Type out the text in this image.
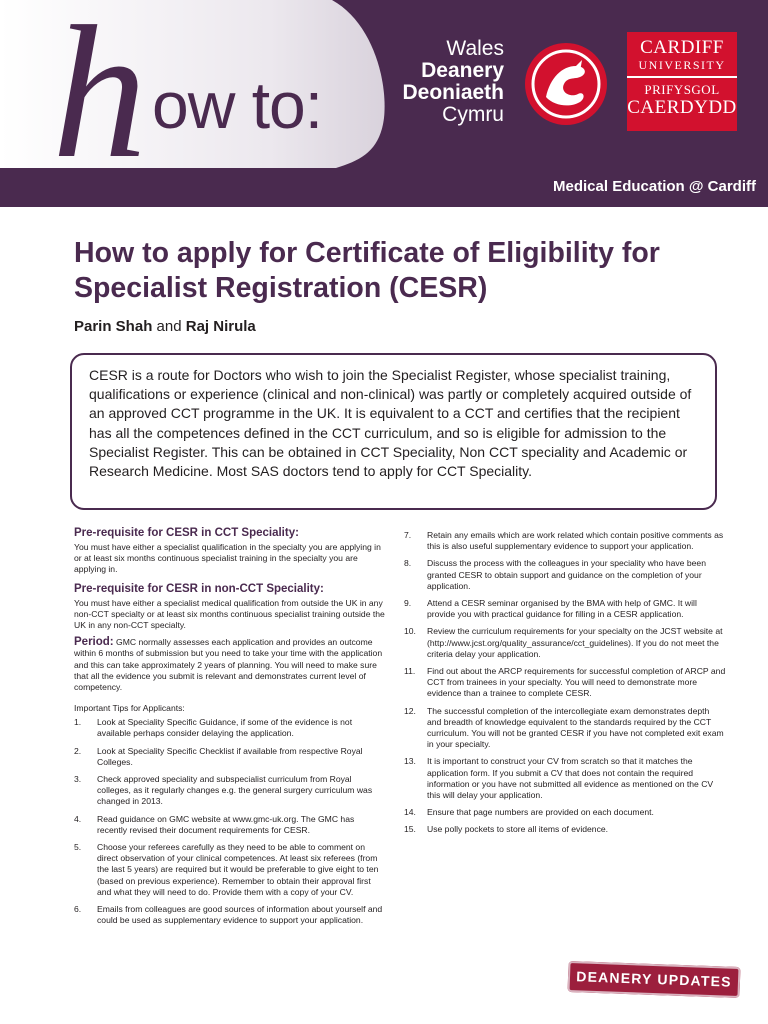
h ow to:
Wales
Deanery
Deoniaeth
Cymru
CARDIFF
UNIVERSITY
PRIFYSGOL
CAERDYDD
Medical Education @ Cardiff
How to apply for Certificate of Eligibility for Specialist Registration (CESR)
Parin Shah and Raj Nirula

CESR is a route for Doctors who wish to join the Specialist Register, whose specialist training, qualifications or experience (clinical and non-clinical) was partly or completely acquired outside of an approved CCT programme in the UK. It is equivalent to a CCT and certifies that the recipient has all the competences defined in the CCT curriculum, and so is eligible for admission to the Specialist Register. This can be obtained in CCT Speciality, Non CCT speciality and Academic or Research Medicine. Most SAS doctors tend to apply for CCT Speciality.

Pre-requisite for CESR in CCT Speciality:
You must have either a specialist qualification in the specialty you are applying in or at least six months continuous specialist training in the specialty you are applying in.
Pre-requisite for CESR in non-CCT Speciality:
You must have either a specialist medical qualification from outside the UK in any non-CCT specialty or at least six months continuous specialist training outside the UK in any non-CCT specialty.
Period: GMC normally assesses each application and provides an outcome within 6 months of submission but you need to take your time with the application and this can take approximately 2 years of planning. You will need to make sure that all the evidence you submit is relevant and demonstrates current level of competency.
Important Tips for Applicants:
1.	Look at Speciality Specific Guidance, if some of the evidence is not available perhaps consider delaying the application.
2.	Look at Speciality Specific Checklist if available from respective Royal Colleges.
3.	Check approved speciality and subspecialist curriculum from Royal colleges, as it regularly changes e.g. the general surgery curriculum was changed in 2013.
4.	Read guidance on GMC website at www.gmc-uk.org. The GMC has recently revised their document requirements for CESR.
5.	Choose your referees carefully as they need to be able to comment on direct observation of your clinical competences. At least six referees (from the last 5 years) are required but it would be preferable to give eight to ten (based on previous experience). Remember to obtain their approval first and what they will need to do. Provide them with a copy of your CV.
6.	Emails from colleagues are good sources of information about yourself and could be used as supplementary evidence to support your application.
7.	Retain any emails which are work related which contain positive comments as this is also useful supplementary evidence to support your application.
8.	Discuss the process with the colleagues in your speciality who have been granted CESR to obtain support and guidance on the completion of your application.
9.	Attend a CESR seminar organised by the BMA with help of GMC. It will provide you with practical guidance for filling in a CESR application.
10.	Review the curriculum requirements for your specialty on the JCST website at (http://www.jcst.org/quality_assurance/cct_guidelines). If you do not meet the criteria delay your application.
11.	Find out about the ARCP requirements for successful completion of ARCP and CCT from trainees in your specialty. You will need to demonstrate more evidence than a trainee to complete CESR.
12.	The successful completion of the intercollegiate exam demonstrates depth and breadth of knowledge equivalent to the standards required by the CCT curriculum. You will not be granted CESR if you have not completed exit exam in your specialty.
13.	It is important to construct your CV from scratch so that it matches the application form. If you submit a CV that does not contain the required information or you have not submitted all evidence as mentioned on the CV this will delay your application.
14.	Ensure that page numbers are provided on each document.
15.	Use polly pockets to store all items of evidence.
DEANERY UPDATES
